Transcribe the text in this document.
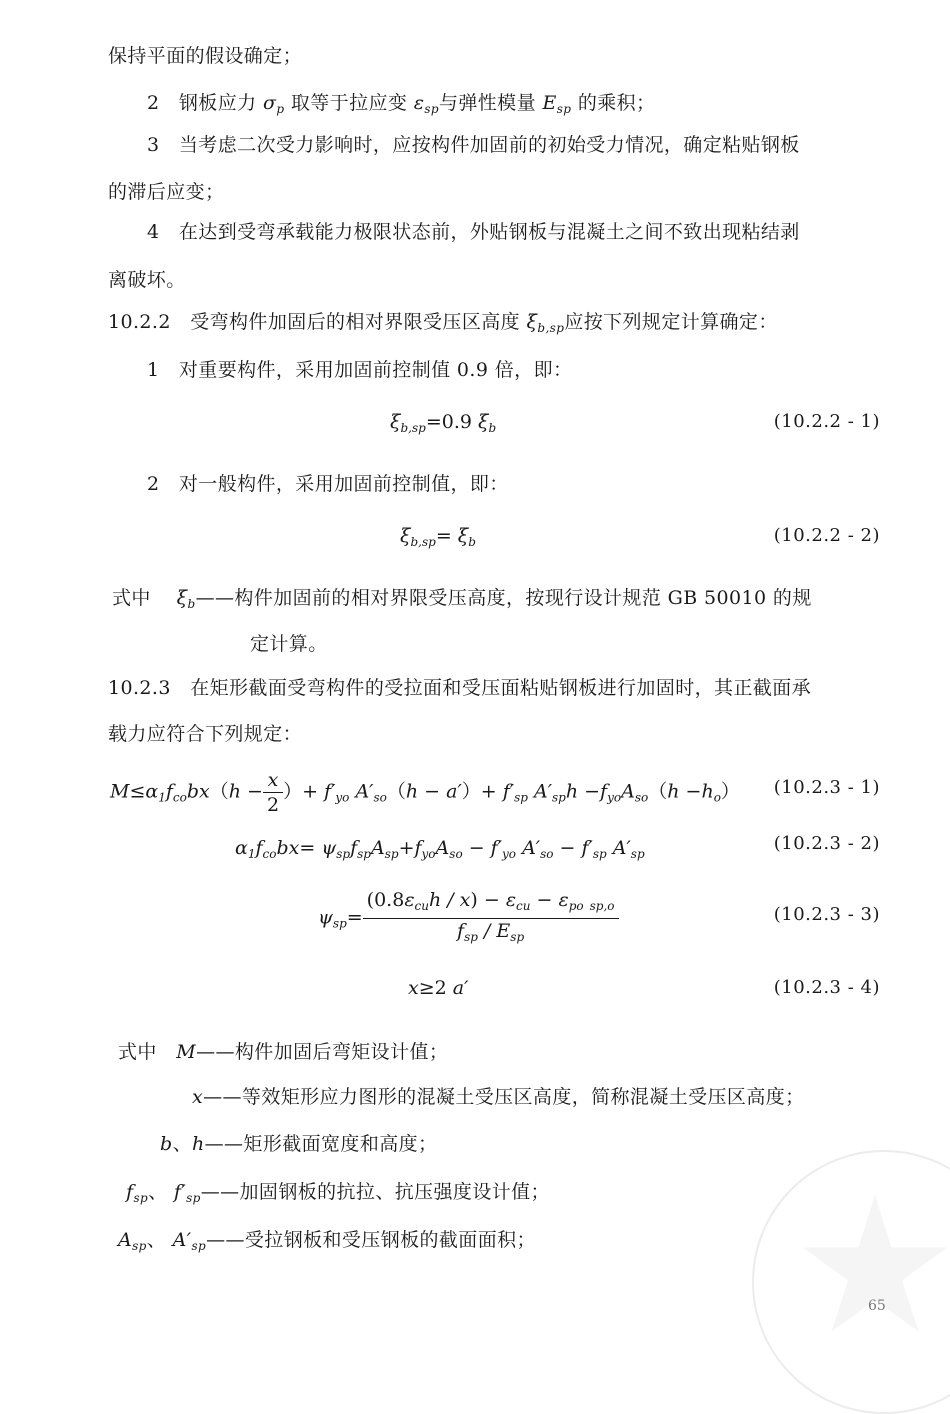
保持平面的假设确定；
2　钢板应力 $\sigma_p$ 取等于拉应变 $\varepsilon_{sp}$与弹性模量 $E_{sp}$ 的乘积；
3　当考虑二次受力影响时，应按构件加固前的初始受力情况，确定粘贴钢板
的滞后应变；
4　在达到受弯承载能力极限状态前，外贴钢板与混凝土之间不致出现粘结剥
离破坏。
10.2.2　受弯构件加固后的相对界限受压区高度 $\xi_{b,sp}$应按下列规定计算确定：
1　对重要构件，采用加固前控制值 0.9 倍，即：
$\xi_{b,sp}=0.9$ $\xi_b$	(10.2.2 - 1)
2　对一般构件，采用加固前控制值，即：
$\xi_{b,sp}= \xi_b$	(10.2.2 - 2)
式中　 $\xi_b——$构件加固前的相对界限受压高度，按现行设计规范 GB 50010 的规
定计算。
10.2.3　在矩形截面受弯构件的受拉面和受压面粘贴钢板进行加固时，其正截面承
载力应符合下列规定：
$M\le\alpha_1f_{co}bx(h - \frac{x}{2}$ ）+ $f'_{yo}$ $A'_{so}(h - a')+ f'_{sp}$ $A'_{sp}h -f_{yo}A_{so}(h -h_o)$ (10.2.3 - 1)
$\alpha_1f_{co}bx= \psi_{sp}f_{sp}A_{sp}+f_{yo}A_{so} - f'_{yo}$ $A'_{so} - f'_{sp}$ $A'_{sp}$	(10.2.3 - 2)
$\psi_{sp}= \frac{(0.8\varepsilon_{cu}h / x) - \varepsilon_{cu} - \varepsilon_{po} _{sp,o}}{f_{sp} / E_{sp}}$	(10.2.3 - 3)
x≥2 a′	(10.2.3 - 4)
式中　 M——构件加固后弯矩设计值；
x——等效矩形应力图形的混凝土受压区高度，简称混凝土受压区高度；
b、h——矩形截面宽度和高度；
$f_{sp}$、 $f'_{sp}——$加固钢板的抗拉、抗压强度设计值；
$A_{sp}$、 $A'_{sp}——$受拉钢板和受压钢板的截面面积；
65
